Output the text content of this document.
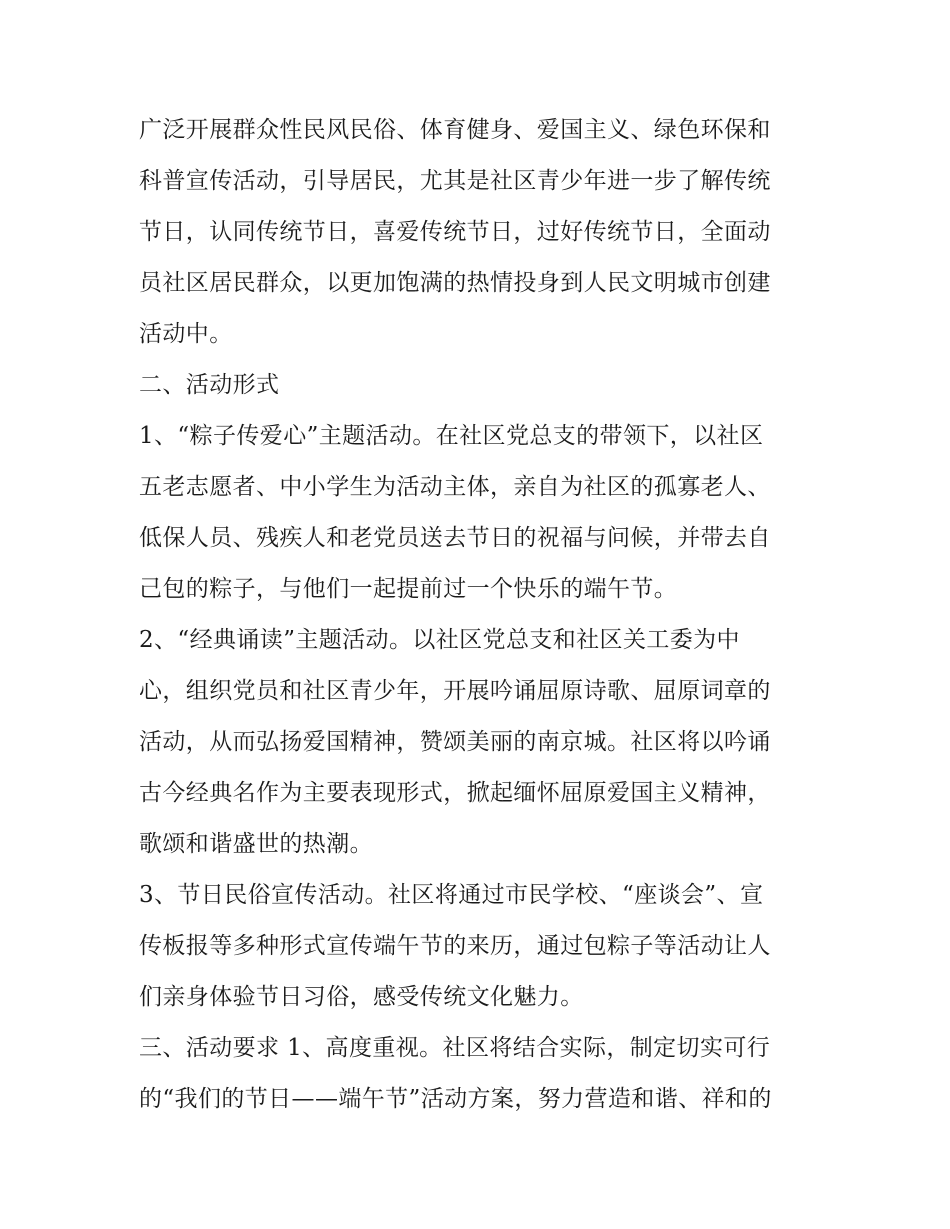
广泛开展群众性民风民俗、体育健身、爱国主义、绿色环保和

科普宣传活动，引导居民，尤其是社区青少年进一步了解传统

节日，认同传统节日，喜爱传统节日，过好传统节日，全面动

员社区居民群众，以更加饱满的热情投身到人民文明城市创建

活动中。

二、活动形式

1、“粽子传爱心”主题活动。在社区党总支的带领下，以社区

五老志愿者、中小学生为活动主体，亲自为社区的孤寡老人、

低保人员、残疾人和老党员送去节日的祝福与问候，并带去自

己包的粽子，与他们一起提前过一个快乐的端午节。

2、“经典诵读”主题活动。以社区党总支和社区关工委为中

心，组织党员和社区青少年，开展吟诵屈原诗歌、屈原词章的

活动，从而弘扬爱国精神，赞颂美丽的南京城。社区将以吟诵

古今经典名作为主要表现形式，掀起缅怀屈原爱国主义精神，

歌颂和谐盛世的热潮。

3、节日民俗宣传活动。社区将通过市民学校、“座谈会”、宣

传板报等多种形式宣传端午节的来历，通过包粽子等活动让人

们亲身体验节日习俗，感受传统文化魅力。

三、活动要求 1、高度重视。社区将结合实际，制定切实可行

的“我们的节日——端午节”活动方案，努力营造和谐、祥和的
